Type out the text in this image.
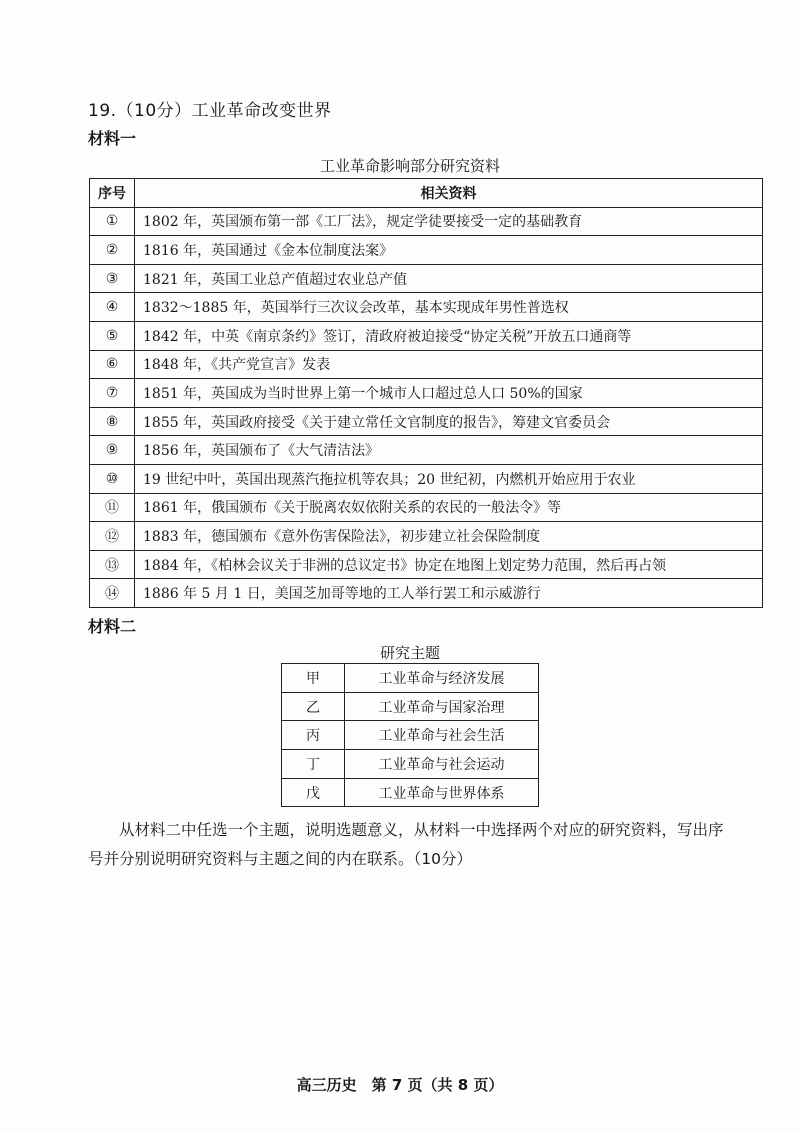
19.（10分）工业革命改变世界
材料一
工业革命影响部分研究资料
序号	相关资料
①	1802 年，英国颁布第一部《工厂法》，规定学徒要接受一定的基础教育
②	1816 年，英国通过《金本位制度法案》
③	1821 年，英国工业总产值超过农业总产值
④	1832～1885 年，英国举行三次议会改革，基本实现成年男性普选权
⑤	1842 年，中英《南京条约》签订，清政府被迫接受“协定关税”开放五口通商等
⑥	1848 年，《共产党宣言》发表
⑦	1851 年，英国成为当时世界上第一个城市人口超过总人口 50%的国家
⑧	1855 年，英国政府接受《关于建立常任文官制度的报告》，筹建文官委员会
⑨	1856 年，英国颁布了《大气清洁法》
⑩	19 世纪中叶，英国出现蒸汽拖拉机等农具；20 世纪初，内燃机开始应用于农业
⑪	1861 年，俄国颁布《关于脱离农奴依附关系的农民的一般法令》等
⑫	1883 年，德国颁布《意外伤害保险法》，初步建立社会保险制度
⑬	1884 年，《柏林会议关于非洲的总议定书》协定在地图上划定势力范围，然后再占领
⑭	1886 年 5 月 1 日，美国芝加哥等地的工人举行罢工和示威游行
材料二
研究主题
甲	工业革命与经济发展
乙	工业革命与国家治理
丙	工业革命与社会生活
丁	工业革命与社会运动
戊	工业革命与世界体系

从材料二中任选一个主题，说明选题意义，从材料一中选择两个对应的研究资料，写出序号并分别说明研究资料与主题之间的内在联系。（10分）

高三历史　第 7 页（共 8 页）
